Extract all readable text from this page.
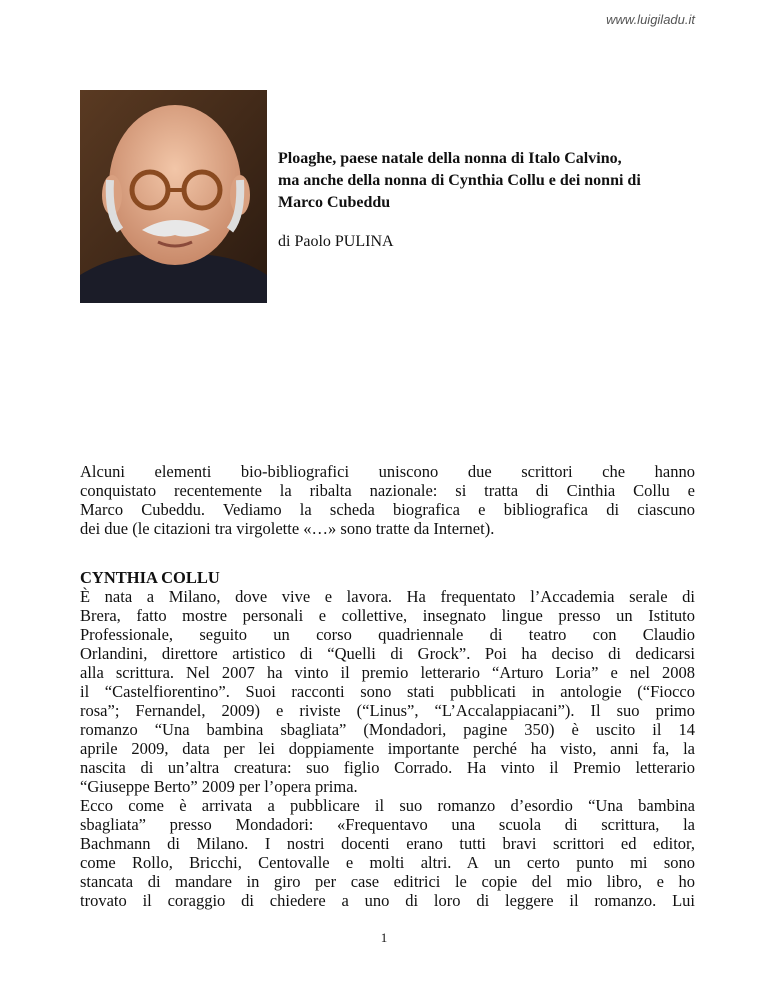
www.luigiladu.it
Ploaghe, paese natale della nonna di Italo Calvino,
ma anche della nonna di Cynthia Collu e dei nonni di
Marco Cubeddu
di Paolo PULINA
Alcuni elementi bio-bibliografici uniscono due scrittori che hanno
conquistato recentemente la ribalta nazionale: si tratta di Cinthia Collu e
Marco Cubeddu. Vediamo la scheda biografica e bibliografica di ciascuno
dei due (le citazioni tra virgolette «…» sono tratte da Internet).
CYNTHIA COLLU
È nata a Milano, dove vive e lavora. Ha frequentato l’Accademia serale di
Brera, fatto mostre personali e collettive, insegnato lingue presso un Istituto
Professionale, seguito un corso quadriennale di teatro con Claudio
Orlandini, direttore artistico di “Quelli di Grock”. Poi ha deciso di dedicarsi
alla scrittura. Nel 2007 ha vinto il premio letterario “Arturo Loria” e nel 2008
il “Castelfiorentino”. Suoi racconti sono stati pubblicati in antologie (“Fiocco
rosa”; Fernandel, 2009) e riviste (“Linus”, “L’Accalappiacani”). Il suo primo
romanzo “Una bambina sbagliata” (Mondadori, pagine 350) è uscito il 14
aprile 2009, data per lei doppiamente importante perché ha visto, anni fa, la
nascita di un’altra creatura: suo figlio Corrado. Ha vinto il Premio letterario
“Giuseppe Berto” 2009 per l’opera prima.
Ecco come è arrivata a pubblicare il suo romanzo d’esordio “Una bambina
sbagliata” presso Mondadori: «Frequentavo una scuola di scrittura, la
Bachmann di Milano. I nostri docenti erano tutti bravi scrittori ed editor,
come Rollo, Bricchi, Centovalle e molti altri. A un certo punto mi sono
stancata di mandare in giro per case editrici le copie del mio libro, e ho
trovato il coraggio di chiedere a uno di loro di leggere il romanzo. Lui
1
